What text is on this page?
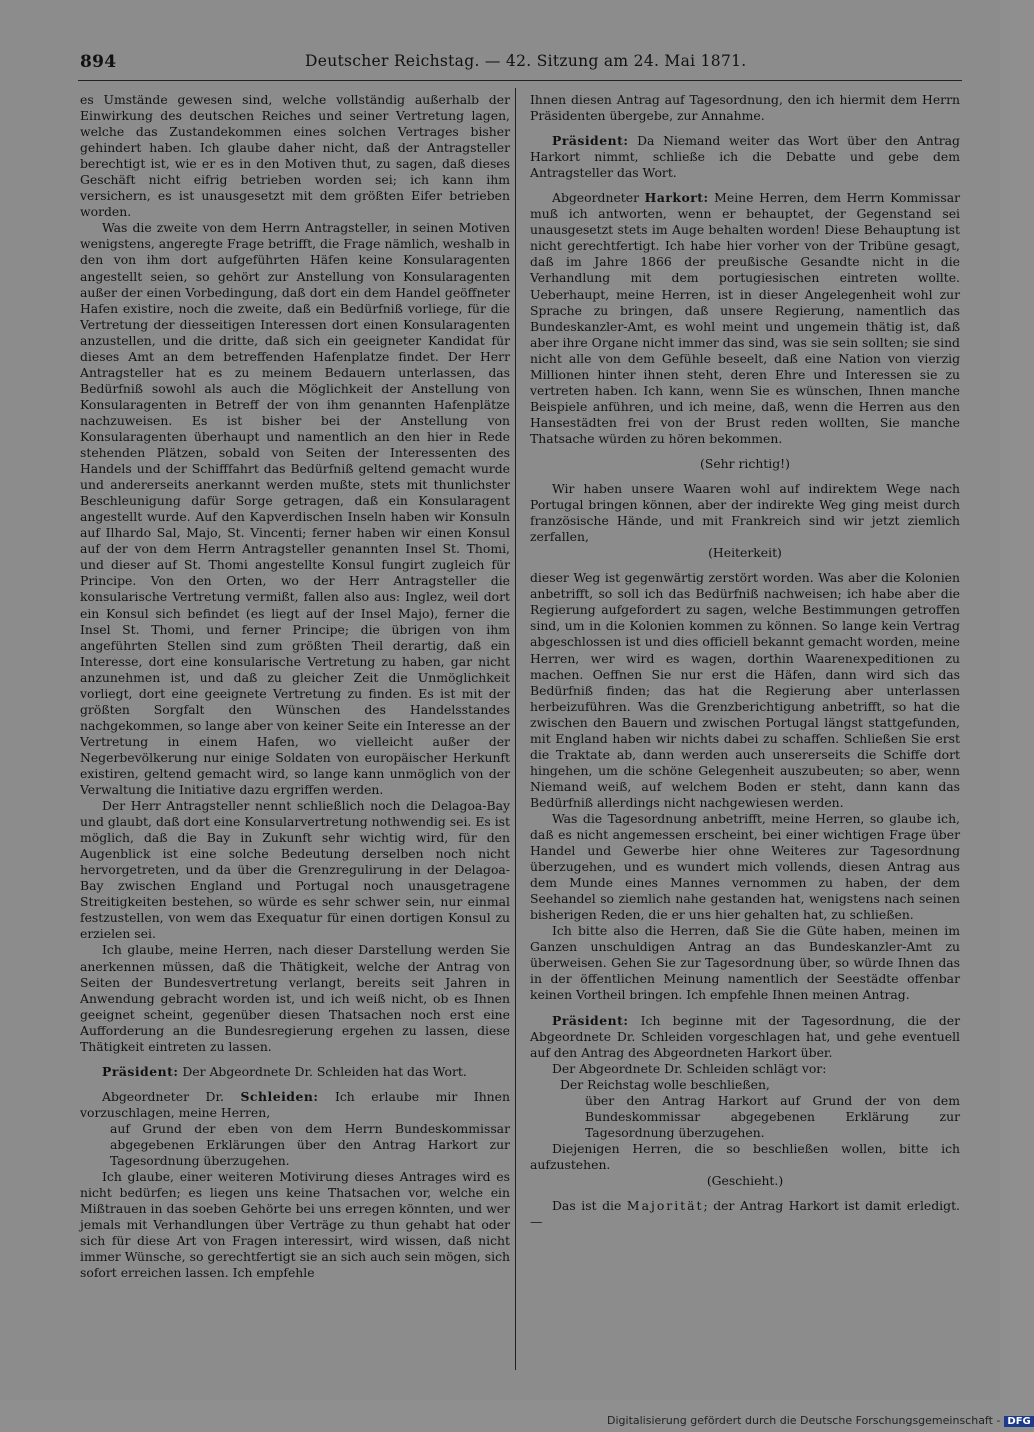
894	Deutscher Reichstag. — 42. Sitzung am 24. Mai 1871.

es Umstände gewesen sind, welche vollständig außerhalb der Einwirkung des deutschen Reiches und seiner Vertretung lagen, welche das Zustandekommen eines solchen Vertrages bisher gehindert haben. Ich glaube daher nicht, daß der Antragsteller berechtigt ist, wie er es in den Motiven thut, zu sagen, daß dieses Geschäft nicht eifrig betrieben worden sei; ich kann ihm versichern, es ist unausgesetzt mit dem größten Eifer betrieben worden.

Was die zweite von dem Herrn Antragsteller, in seinen Motiven wenigstens, angeregte Frage betrifft, die Frage nämlich, weshalb in den von ihm dort aufgeführten Häfen keine Konsularagenten angestellt seien, so gehört zur Anstellung von Konsularagenten außer der einen Vorbedingung, daß dort ein dem Handel geöffneter Hafen existire, noch die zweite, daß ein Bedürfniß vorliege, für die Vertretung der diesseitigen Interessen dort einen Konsularagenten anzustellen, und die dritte, daß sich ein geeigneter Kandidat für dieses Amt an dem betreffenden Hafenplatze findet. Der Herr Antragsteller hat es zu meinem Bedauern unterlassen, das Bedürfniß sowohl als auch die Möglichkeit der Anstellung von Konsularagenten in Betreff der von ihm genannten Hafenplätze nachzuweisen. Es ist bisher bei der Anstellung von Konsularagenten überhaupt und namentlich an den hier in Rede stehenden Plätzen, sobald von Seiten der Interessenten des Handels und der Schifffahrt das Bedürfniß geltend gemacht wurde und andererseits anerkannt werden mußte, stets mit thunlichster Beschleunigung dafür Sorge getragen, daß ein Konsularagent angestellt wurde. Auf den Kapverdischen Inseln haben wir Konsuln auf Ilhardo Sal, Majo, St. Vincenti; ferner haben wir einen Konsul auf der von dem Herrn Antragsteller genannten Insel St. Thomi, und dieser auf St. Thomi angestellte Konsul fungirt zugleich für Principe. Von den Orten, wo der Herr Antragsteller die konsularische Vertretung vermißt, fallen also aus: Inglez, weil dort ein Konsul sich befindet (es liegt auf der Insel Majo), ferner die Insel St. Thomi, und ferner Principe; die übrigen von ihm angeführten Stellen sind zum größten Theil derartig, daß ein Interesse, dort eine konsularische Vertretung zu haben, gar nicht anzunehmen ist, und daß zu gleicher Zeit die Unmöglichkeit vorliegt, dort eine geeignete Vertretung zu finden. Es ist mit der größten Sorgfalt den Wünschen des Handelsstandes nachgekommen, so lange aber von keiner Seite ein Interesse an der Vertretung in einem Hafen, wo vielleicht außer der Negerbevölkerung nur einige Soldaten von europäischer Herkunft existiren, geltend gemacht wird, so lange kann unmöglich von der Verwaltung die Initiative dazu ergriffen werden.

Der Herr Antragsteller nennt schließlich noch die Delagoa-Bay und glaubt, daß dort eine Konsularvertretung nothwendig sei. Es ist möglich, daß die Bay in Zukunft sehr wichtig wird, für den Augenblick ist eine solche Bedeutung derselben noch nicht hervorgetreten, und da über die Grenzregulirung in der Delagoa-Bay zwischen England und Portugal noch unausgetragene Streitigkeiten bestehen, so würde es sehr schwer sein, nur einmal festzustellen, von wem das Exequatur für einen dortigen Konsul zu erzielen sei.

Ich glaube, meine Herren, nach dieser Darstellung werden Sie anerkennen müssen, daß die Thätigkeit, welche der Antrag von Seiten der Bundesvertretung verlangt, bereits seit Jahren in Anwendung gebracht worden ist, und ich weiß nicht, ob es Ihnen geeignet scheint, gegenüber diesen Thatsachen noch erst eine Aufforderung an die Bundesregierung ergehen zu lassen, diese Thätigkeit eintreten zu lassen.

Präsident: Der Abgeordnete Dr. Schleiden hat das Wort.

Abgeordneter Dr. Schleiden: Ich erlaube mir Ihnen vorzuschlagen, meine Herren,

auf Grund der eben von dem Herrn Bundeskommissar abgegebenen Erklärungen über den Antrag Harkort zur Tagesordnung überzugehen.

Ich glaube, einer weiteren Motivirung dieses Antrages wird es nicht bedürfen; es liegen uns keine Thatsachen vor, welche ein Mißtrauen in das soeben Gehörte bei uns erregen könnten, und wer jemals mit Verhandlungen über Verträge zu thun gehabt hat oder sich für diese Art von Fragen interessirt, wird wissen, daß nicht immer Wünsche, so gerechtfertigt sie an sich auch sein mögen, sich sofort erreichen lassen. Ich empfehle

Ihnen diesen Antrag auf Tagesordnung, den ich hiermit dem Herrn Präsidenten übergebe, zur Annahme.

Präsident: Da Niemand weiter das Wort über den Antrag Harkort nimmt, schließe ich die Debatte und gebe dem Antragsteller das Wort.

Abgeordneter Harkort: Meine Herren, dem Herrn Kommissar muß ich antworten, wenn er behauptet, der Gegenstand sei unausgesetzt stets im Auge behalten worden! Diese Behauptung ist nicht gerechtfertigt. Ich habe hier vorher von der Tribüne gesagt, daß im Jahre 1866 der preußische Gesandte nicht in die Verhandlung mit dem portugiesischen eintreten wollte. Ueberhaupt, meine Herren, ist in dieser Angelegenheit wohl zur Sprache zu bringen, daß unsere Regierung, namentlich das Bundeskanzler-Amt, es wohl meint und ungemein thätig ist, daß aber ihre Organe nicht immer das sind, was sie sein sollten; sie sind nicht alle von dem Gefühle beseelt, daß eine Nation von vierzig Millionen hinter ihnen steht, deren Ehre und Interessen sie zu vertreten haben. Ich kann, wenn Sie es wünschen, Ihnen manche Beispiele anführen, und ich meine, daß, wenn die Herren aus den Hansestädten frei von der Brust reden wollten, Sie manche Thatsache würden zu hören bekommen.

(Sehr richtig!)

Wir haben unsere Waaren wohl auf indirektem Wege nach Portugal bringen können, aber der indirekte Weg ging meist durch französische Hände, und mit Frankreich sind wir jetzt ziemlich zerfallen,

(Heiterkeit)

dieser Weg ist gegenwärtig zerstört worden. Was aber die Kolonien anbetrifft, so soll ich das Bedürfniß nachweisen; ich habe aber die Regierung aufgefordert zu sagen, welche Bestimmungen getroffen sind, um in die Kolonien kommen zu können. So lange kein Vertrag abgeschlossen ist und dies officiell bekannt gemacht worden, meine Herren, wer wird es wagen, dorthin Waarenexpeditionen zu machen. Oeffnen Sie nur erst die Häfen, dann wird sich das Bedürfniß finden; das hat die Regierung aber unterlassen herbeizuführen. Was die Grenzberichtigung anbetrifft, so hat die zwischen den Bauern und zwischen Portugal längst stattgefunden, mit England haben wir nichts dabei zu schaffen. Schließen Sie erst die Traktate ab, dann werden auch unsererseits die Schiffe dort hingehen, um die schöne Gelegenheit auszubeuten; so aber, wenn Niemand weiß, auf welchem Boden er steht, dann kann das Bedürfniß allerdings nicht nachgewiesen werden.

Was die Tagesordnung anbetrifft, meine Herren, so glaube ich, daß es nicht angemessen erscheint, bei einer wichtigen Frage über Handel und Gewerbe hier ohne Weiteres zur Tagesordnung überzugehen, und es wundert mich vollends, diesen Antrag aus dem Munde eines Mannes vernommen zu haben, der dem Seehandel so ziemlich nahe gestanden hat, wenigstens nach seinen bisherigen Reden, die er uns hier gehalten hat, zu schließen.

Ich bitte also die Herren, daß Sie die Güte haben, meinen im Ganzen unschuldigen Antrag an das Bundeskanzler-Amt zu überweisen. Gehen Sie zur Tagesordnung über, so würde Ihnen das in der öffentlichen Meinung namentlich der Seestädte offenbar keinen Vortheil bringen. Ich empfehle Ihnen meinen Antrag.

Präsident: Ich beginne mit der Tagesordnung, die der Abgeordnete Dr. Schleiden vorgeschlagen hat, und gehe eventuell auf den Antrag des Abgeordneten Harkort über.

Der Abgeordnete Dr. Schleiden schlägt vor:

Der Reichstag wolle beschließen,

über den Antrag Harkort auf Grund der von dem Bundeskommissar abgegebenen Erklärung zur Tagesordnung überzugehen.

Diejenigen Herren, die so beschließen wollen, bitte ich aufzustehen.

(Geschieht.)

Das ist die Majorität; der Antrag Harkort ist damit erledigt. —

Digitalisierung gefördert durch die Deutsche Forschungsgemeinschaft - DFG
